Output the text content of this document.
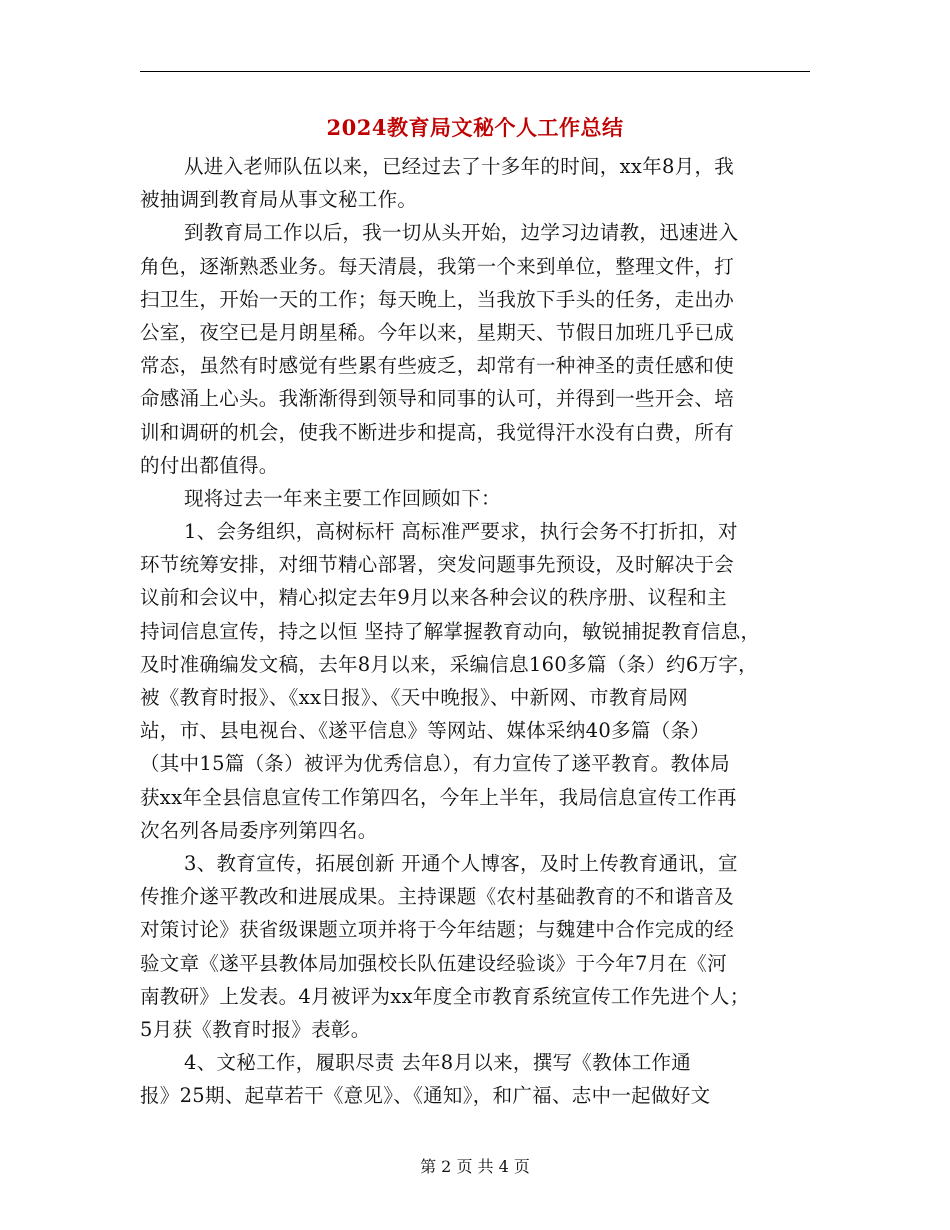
2024教育局文秘个人工作总结
从进入老师队伍以来，已经过去了十多年的时间，xx年8月，我
被抽调到教育局从事文秘工作。
到教育局工作以后，我一切从头开始，边学习边请教，迅速进入
角色，逐渐熟悉业务。每天清晨，我第一个来到单位，整理文件，打
扫卫生，开始一天的工作；每天晚上，当我放下手头的任务，走出办
公室，夜空已是月朗星稀。今年以来，星期天、节假日加班几乎已成
常态，虽然有时感觉有些累有些疲乏，却常有一种神圣的责任感和使
命感涌上心头。我渐渐得到领导和同事的认可，并得到一些开会、培
训和调研的机会，使我不断进步和提高，我觉得汗水没有白费，所有
的付出都值得。
现将过去一年来主要工作回顾如下：
1、会务组织，高树标杆 高标准严要求，执行会务不打折扣，对
环节统筹安排，对细节精心部署，突发问题事先预设，及时解决于会
议前和会议中，精心拟定去年9月以来各种会议的秩序册、议程和主
持词信息宣传，持之以恒 坚持了解掌握教育动向，敏锐捕捉教育信息，
及时准确编发文稿，去年8月以来，采编信息160多篇（条）约6万字，
被《教育时报》、《xx日报》、《天中晚报》、中新网、市教育局网
站，市、县电视台、《遂平信息》等网站、媒体采纳40多篇（条）
（其中15篇（条）被评为优秀信息），有力宣传了遂平教育。教体局
获xx年全县信息宣传工作第四名，今年上半年，我局信息宣传工作再
次名列各局委序列第四名。
3、教育宣传，拓展创新 开通个人博客，及时上传教育通讯，宣
传推介遂平教改和进展成果。主持课题《农村基础教育的不和谐音及
对策讨论》获省级课题立项并将于今年结题；与魏建中合作完成的经
验文章《遂平县教体局加强校长队伍建设经验谈》于今年7月在《河
南教研》上发表。4月被评为xx年度全市教育系统宣传工作先进个人；
5月获《教育时报》表彰。
4、文秘工作，履职尽责 去年8月以来，撰写《教体工作通
报》25期、起草若干《意见》、《通知》，和广福、志中一起做好文
第 2 页 共 4 页
